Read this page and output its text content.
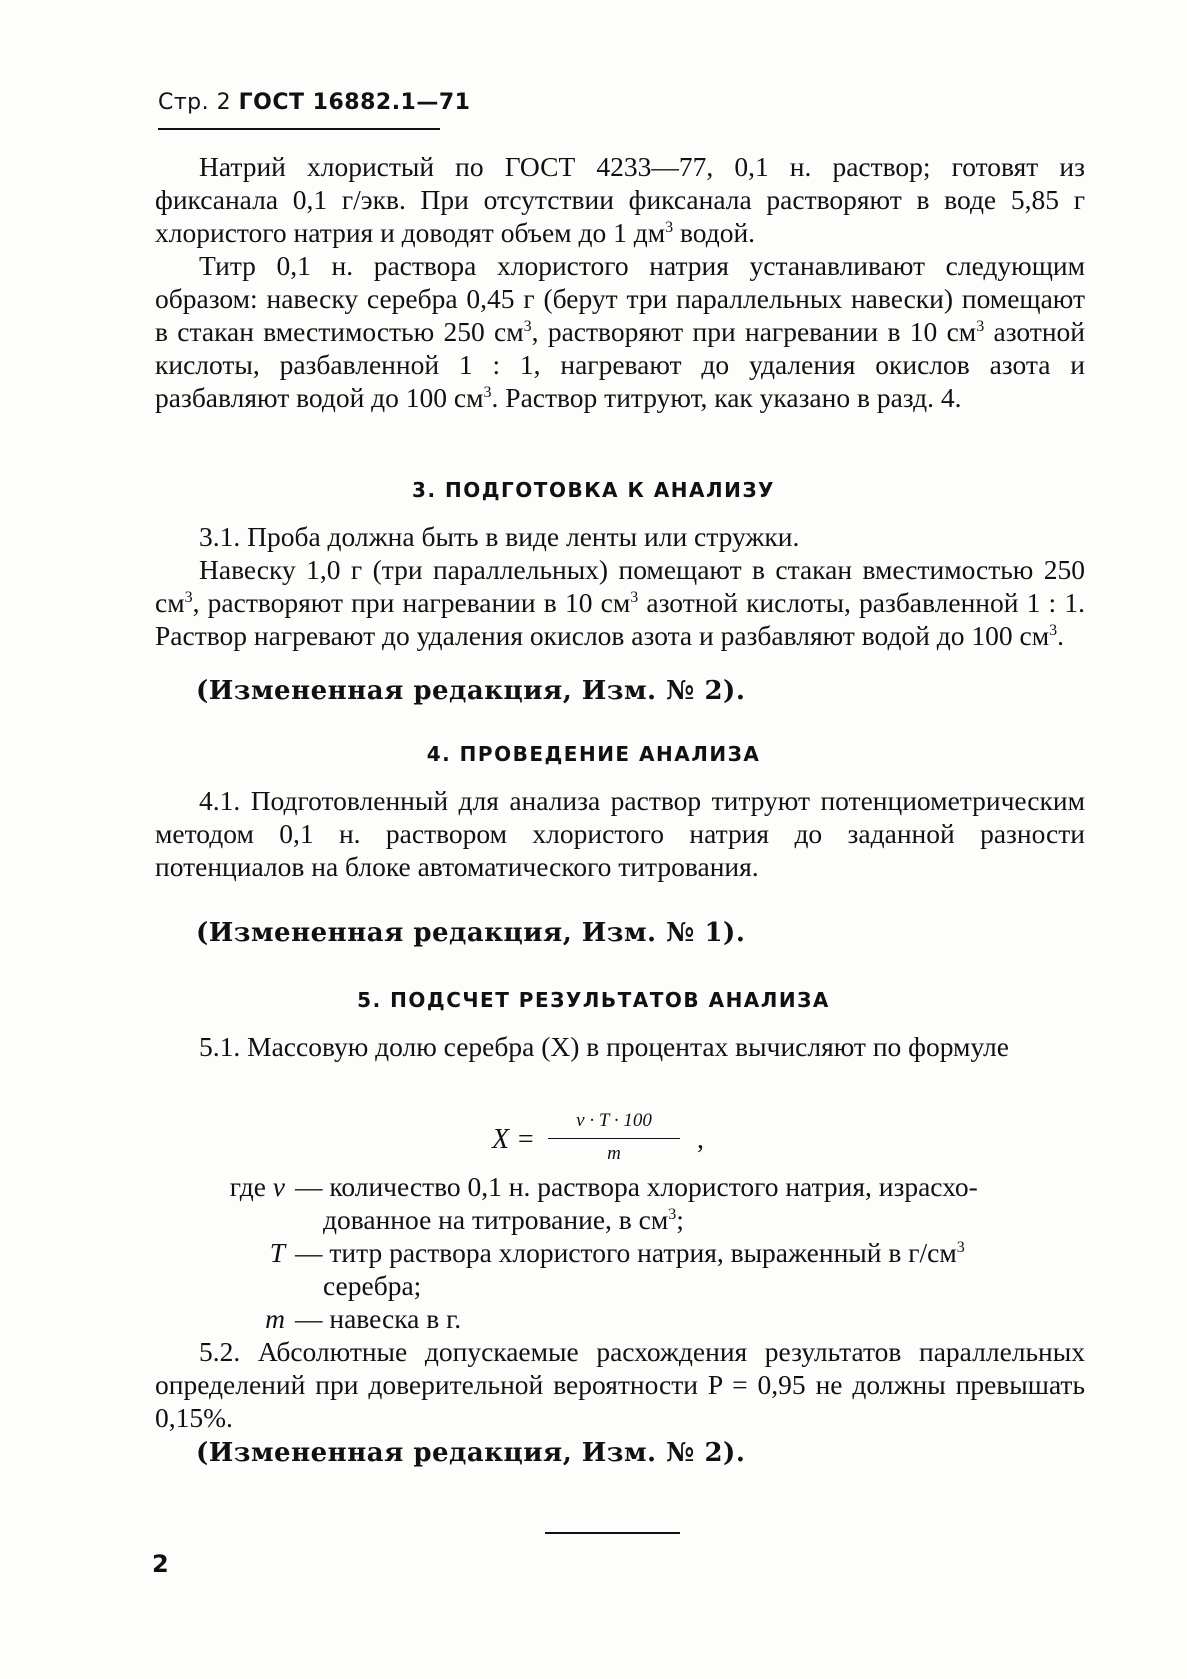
Стр. 2 ГОСТ 16882.1—71

Натрий хлористый по ГОСТ 4233—77, 0,1 н. раствор; готовят из фиксанала 0,1 г/экв. При отсутствии фиксанала растворяют в воде 5,85 г хлористого натрия и доводят объем до 1 $дм^3$ водой.

Титр 0,1 н. раствора хлористого натрия устанавливают следующим образом: навеску серебра 0,45 г (берут три параллельных навески) помещают в стакан вместимостью 250 $см^3$, растворяют при нагревании в 10 $см^3$ азотной кислоты, разбавленной 1 : 1, нагревают до удаления окислов азота и разбавляют водой до 100 $см^3$. Раствор титруют, как указано в разд. 4.

3. ПОДГОТОВКА К АНАЛИЗУ

3.1. Проба должна быть в виде ленты или стружки.

Навеску 1,0 г (три параллельных) помещают в стакан вместимостью 250 $см^3$, растворяют при нагревании в 10 $см^3$ азотной кислоты, разбавленной 1 : 1. Раствор нагревают до удаления окислов азота и разбавляют водой до 100 $см^3$.

(Измененная редакция, Изм. № 2).
4. ПРОВЕДЕНИЕ АНАЛИЗА

4.1. Подготовленный для анализа раствор титруют потенциометрическим методом 0,1 н. раствором хлористого натрия до заданной разности потенциалов на блоке автоматического титрования.

(Измененная редакция, Изм. № 1).
5. ПОДСЧЕТ РЕЗУЛЬТАТОВ АНАЛИЗА

5.1. Массовую долю серебра (X) в процентах вычисляют по формуле

X =
v · T · 100
m	,
где v — количество 0,1 н. раствора хлористого натрия, израсхо-
дованное на титрование, в $см^3$;
T — титр раствора хлористого натрия, выраженный в $г/см^3$
серебра;
m — навеска в г.

5.2. Абсолютные допускаемые расхождения результатов параллельных определений при доверительной вероятности P = 0,95 не должны превышать 0,15%.

(Измененная редакция, Изм. № 2).
2
